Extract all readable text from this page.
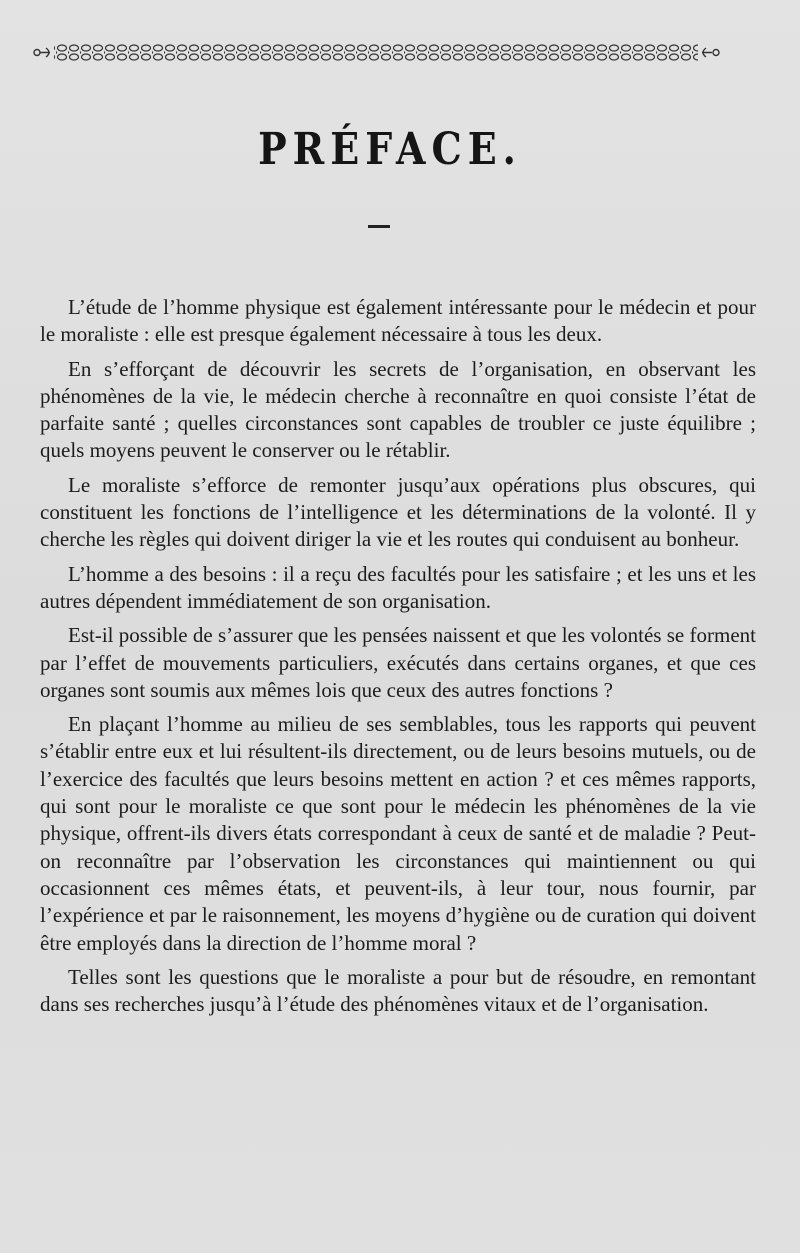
PRÉFACE.

L’étude de l’homme physique est également intéressante pour le médecin et pour le moraliste : elle est presque également nécessaire à tous les deux.

En s’efforçant de découvrir les secrets de l’organisation, en observant les phénomènes de la vie, le médecin cherche à reconnaître en quoi consiste l’état de parfaite santé ; quelles circonstances sont capables de troubler ce juste équilibre ; quels moyens peuvent le conserver ou le rétablir.

Le moraliste s’efforce de remonter jusqu’aux opérations plus obscures, qui constituent les fonctions de l’intelligence et les déterminations de la volonté. Il y cherche les règles qui doivent diriger la vie et les routes qui conduisent au bonheur.

L’homme a des besoins : il a reçu des facultés pour les satisfaire ; et les uns et les autres dépendent immédiatement de son organisation.

Est-il possible de s’assurer que les pensées naissent et que les volontés se forment par l’effet de mouvements particuliers, exécutés dans certains organes, et que ces organes sont soumis aux mêmes lois que ceux des autres fonctions ?

En plaçant l’homme au milieu de ses semblables, tous les rapports qui peuvent s’établir entre eux et lui résultent-ils directement, ou de leurs besoins mutuels, ou de l’exercice des facultés que leurs besoins mettent en action ? et ces mêmes rapports, qui sont pour le moraliste ce que sont pour le médecin les phénomènes de la vie physique, offrent-ils divers états correspondant à ceux de santé et de maladie ? Peut-on reconnaître par l’observation les circonstances qui maintiennent ou qui occasionnent ces mêmes états, et peuvent-ils, à leur tour, nous fournir, par l’expérience et par le raisonnement, les moyens d’hygiène ou de curation qui doivent être employés dans la direction de l’homme moral ?

Telles sont les questions que le moraliste a pour but de résoudre, en remontant dans ses recherches jusqu’à l’étude des phénomènes vitaux et de l’organisation.
